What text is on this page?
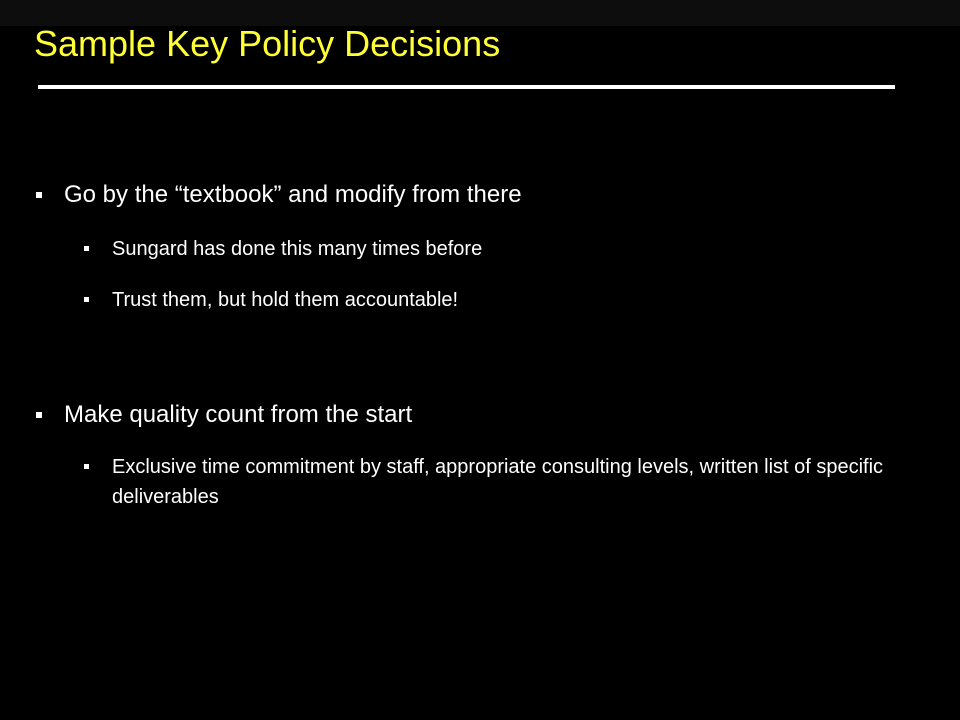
Sample Key Policy Decisions
Go by the “textbook” and modify from there
Sungard has done this many times before
Trust them, but hold them accountable!
Make quality count from the start
Exclusive time commitment by staff, appropriate consulting levels, written list of specific deliverables
